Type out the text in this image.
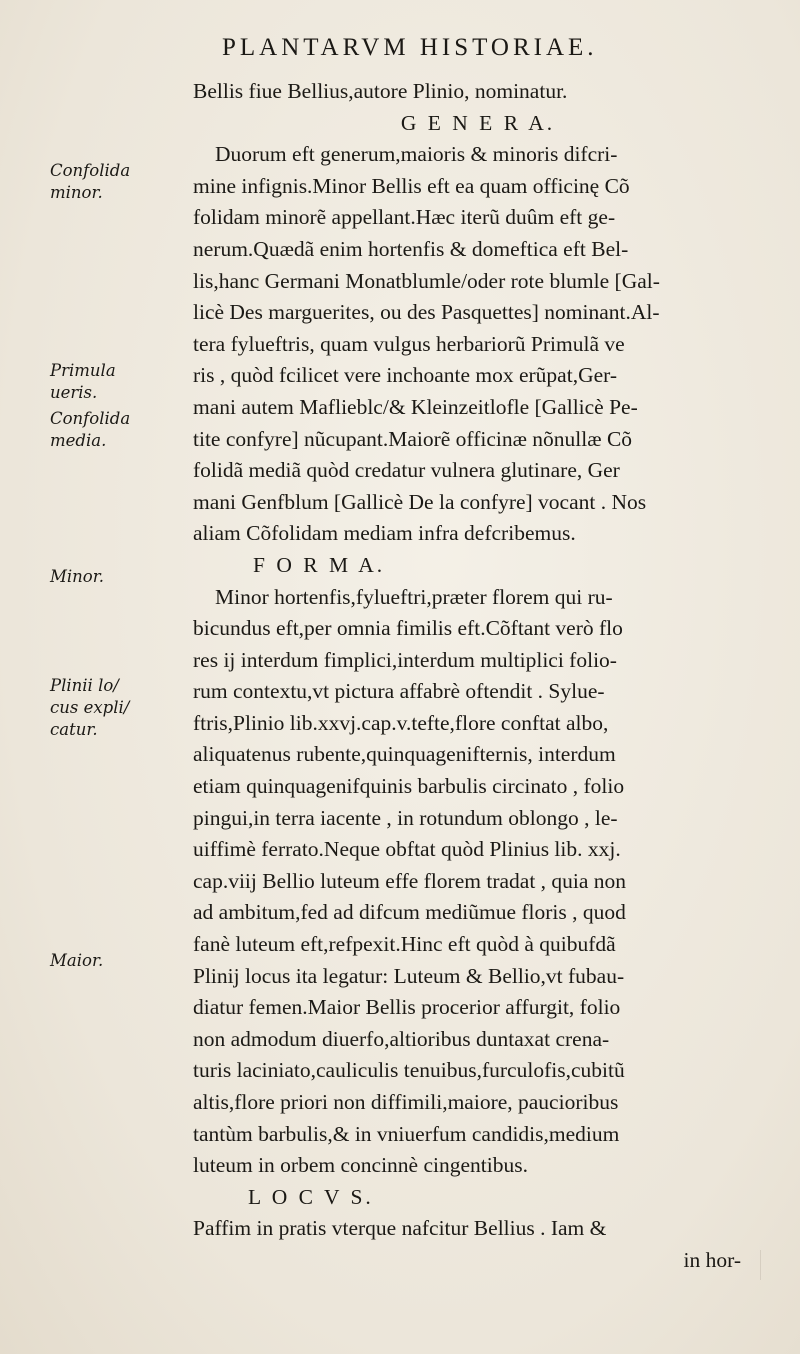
PLANTARVM HISTORIAE.
Confolida
minor.
Primula
ueris.
Confolida
media.
Minor.
Plinii lo/
cus expli/
catur.
Maior.
Bellis fiue Bellius,autore Plinio, nominatur.
G E N E R A.
Duorum eft generum,maioris & minoris difcri-
mine infignis.Minor Bellis eft ea quam officinę Cõ
folidam minorẽ appellant.Hæc iterũ duûm eft ge-
nerum.Quædã enim hortenfis & domeftica eft Bel-
lis,hanc Germani Monatblumle/oder rote blumle [Gal-
licè Des marguerites, ou des Pasquettes] nominant.Al-
tera fylueftris, quam vulgus herbariorũ Primulã ve
ris , quòd fcilicet vere inchoante mox erũpat,Ger-
mani autem Maflieblc/& Kleinzeitlofle [Gallicè Pe-
tite confyre] nũcupant.Maiorẽ officinæ nõnullæ Cõ
folidã mediã quòd credatur vulnera glutinare, Ger
mani Genfblum [Gallicè De la confyre] vocant . Nos
aliam Cõfolidam mediam infra defcribemus.
F O R M A.
Minor hortenfis,fylueftri,præter florem qui ru-
bicundus eft,per omnia fimilis eft.Cõftant verò flo
res ij interdum fimplici,interdum multiplici folio-
rum contextu,vt pictura affabrè oftendit . Sylue-
ftris,Plinio lib.xxvj.cap.v.tefte,flore conftat albo,
aliquatenus rubente,quinquagenifternis, interdum
etiam quinquagenifquinis barbulis circinato , folio
pingui,in terra iacente , in rotundum oblongo , le-
uiffimè ferrato.Neque obftat quòd Plinius lib. xxj.
cap.viij Bellio luteum effe florem tradat , quia non
ad ambitum,fed ad difcum mediũmue floris , quod
fanè luteum eft,refpexit.Hinc eft quòd à quibufdã
Plinij locus ita legatur: Luteum & Bellio,vt fubau-
diatur femen.Maior Bellis procerior affurgit, folio
non admodum diuerfo,altioribus duntaxat crena-
turis laciniato,cauliculis tenuibus,furculofis,cubitũ
altis,flore priori non diffimili,maiore, paucioribus
tantùm barbulis,& in vniuerfum candidis,medium
luteum in orbem concinnè cingentibus.
L O C V S.
Paffim in pratis vterque nafcitur Bellius . Iam &
in hor-
